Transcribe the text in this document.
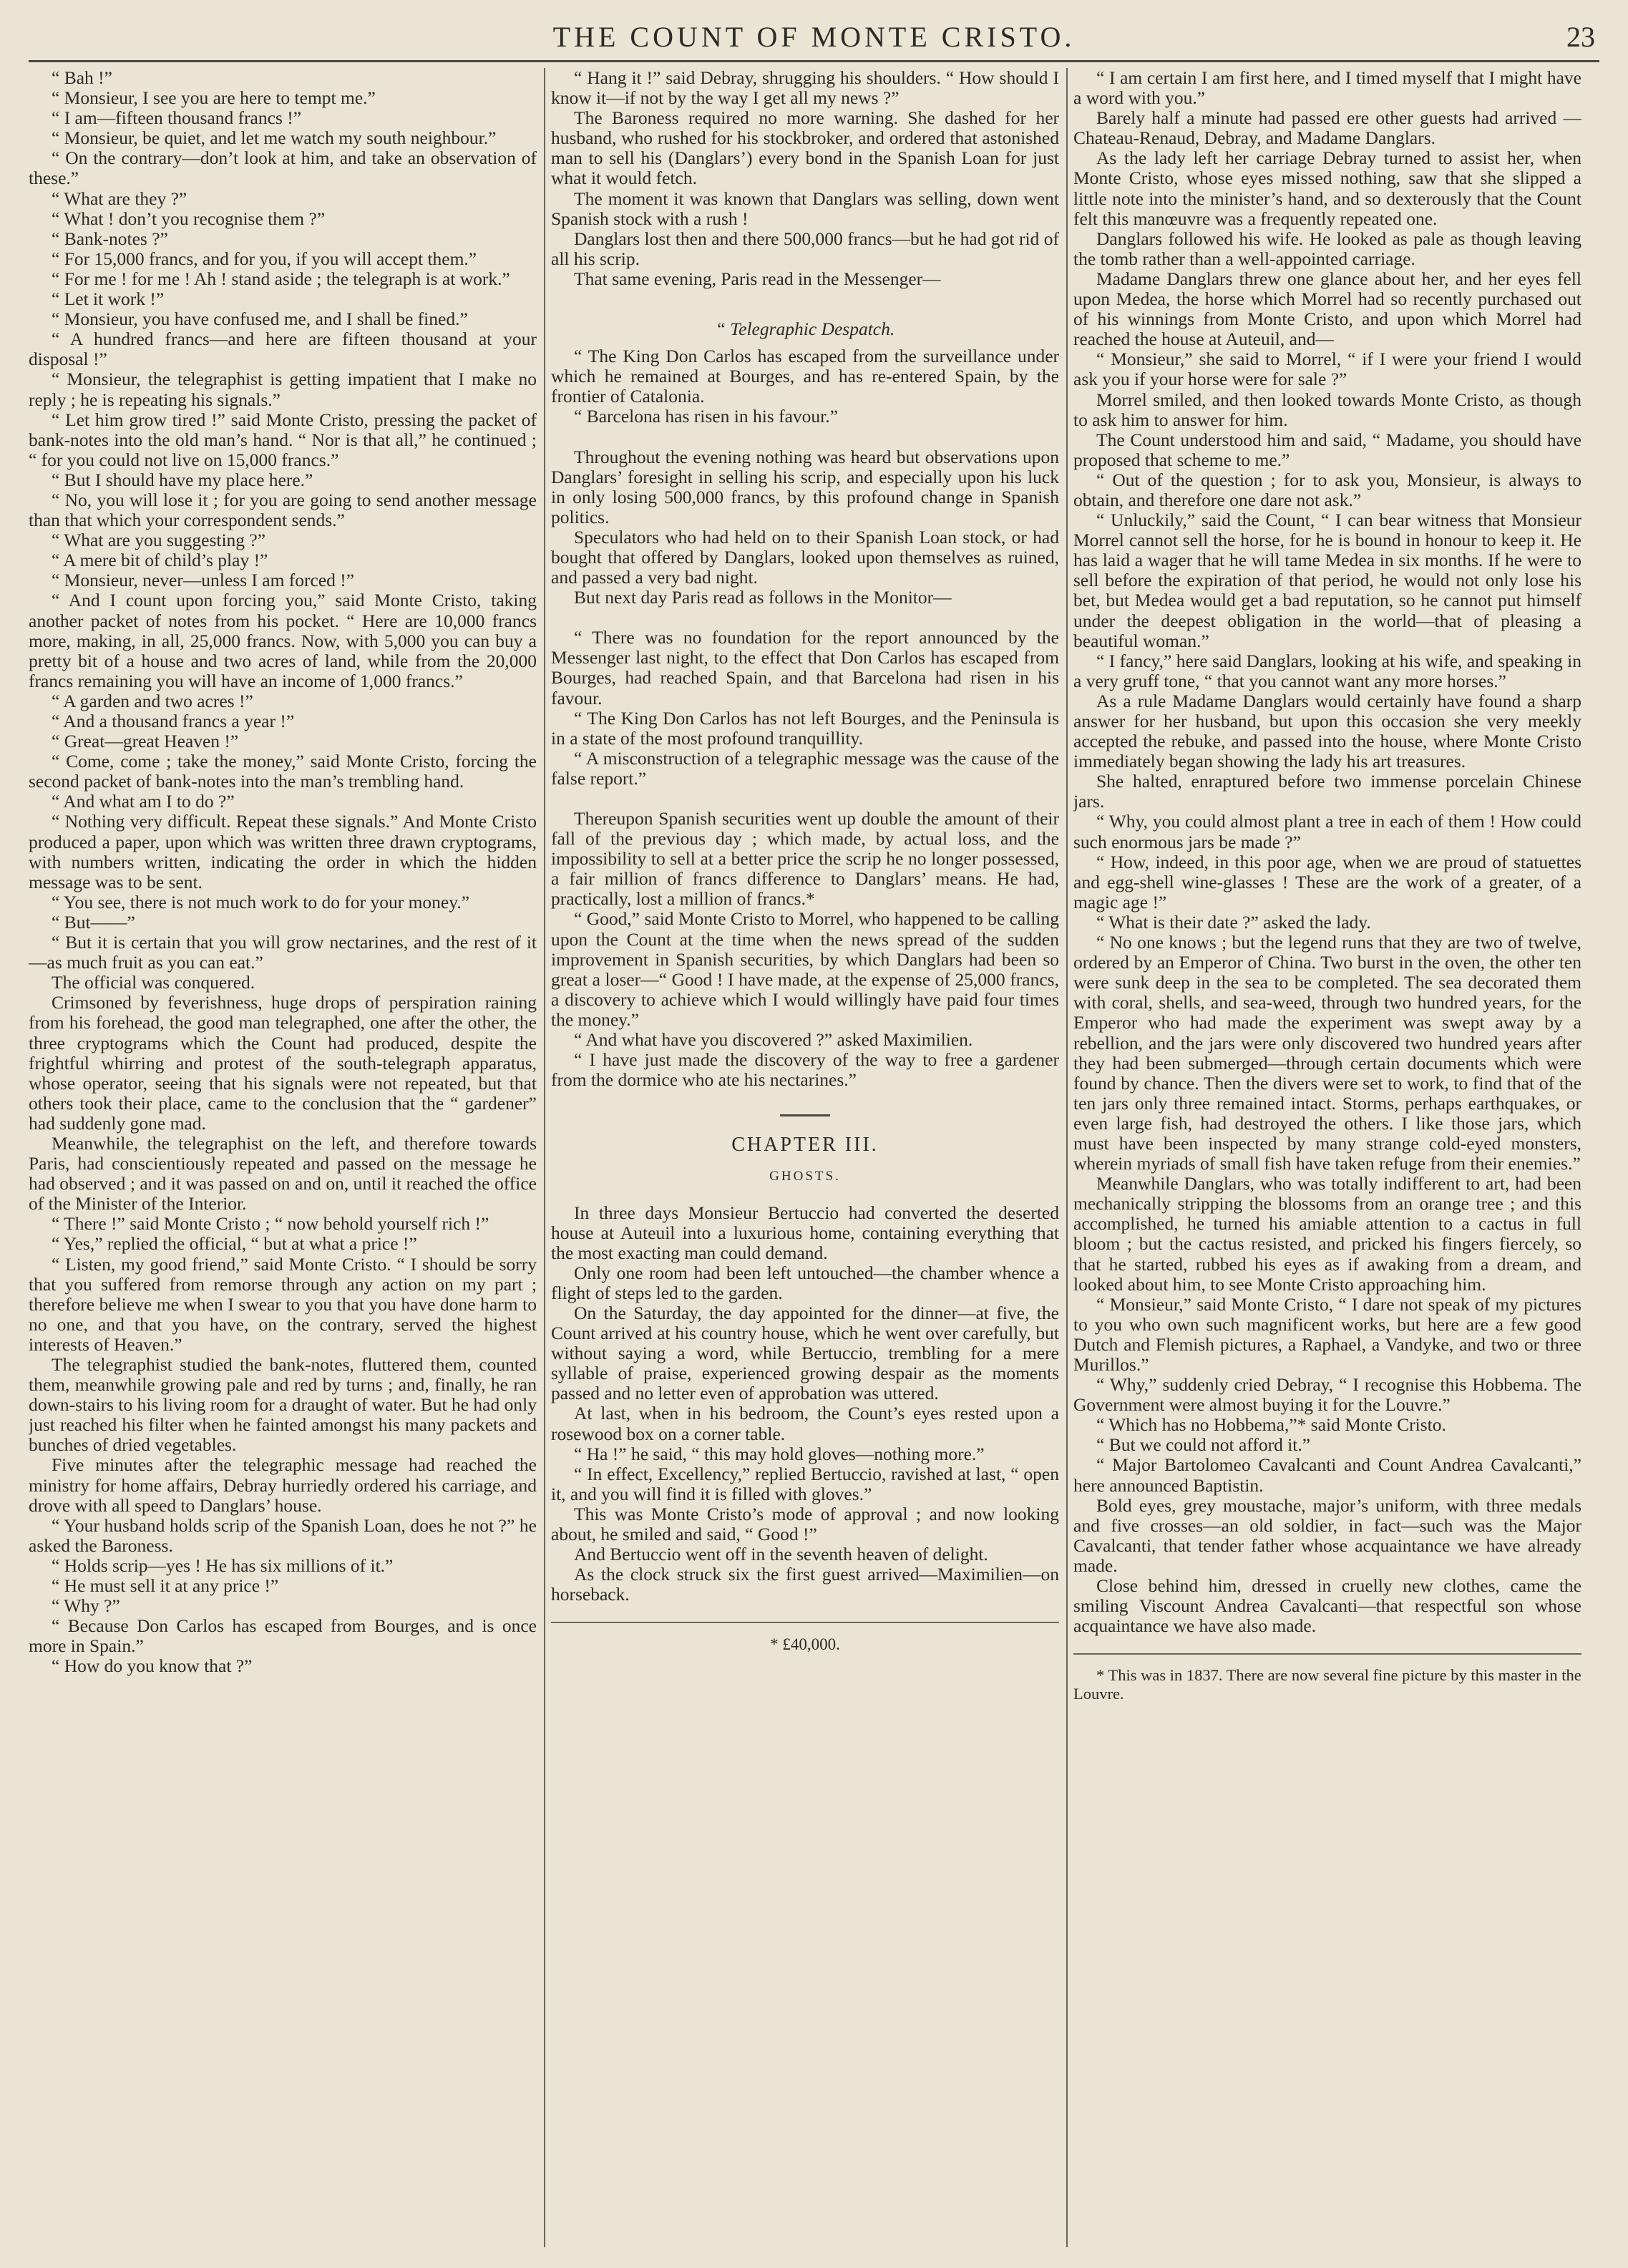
THE COUNT OF MONTE CRISTO.	23

“ Bah !”

“ Monsieur, I see you are here to tempt me.”

“ I am—fifteen thousand francs !”

“ Monsieur, be quiet, and let me watch my south neighbour.”

“ On the contrary—don’t look at him, and take an observation of these.”

“ What are they ?”

“ What ! don’t you recognise them ?”

“ Bank-notes ?”

“ For 15,000 francs, and for you, if you will accept them.”

“ For me ! for me ! Ah ! stand aside ; the telegraph is at work.”

“ Let it work !”

“ Monsieur, you have confused me, and I shall be fined.”

“ A hundred francs—and here are fifteen thousand at your disposal !”

“ Monsieur, the telegraphist is getting impatient that I make no reply ; he is repeating his signals.”

“ Let him grow tired !” said Monte Cristo, pressing the packet of bank-notes into the old man’s hand. “ Nor is that all,” he continued ; “ for you could not live on 15,000 francs.”

“ But I should have my place here.”

“ No, you will lose it ; for you are going to send another message than that which your correspondent sends.”

“ What are you suggesting ?”

“ A mere bit of child’s play !”

“ Monsieur, never—unless I am forced !”

“ And I count upon forcing you,” said Monte Cristo, taking another packet of notes from his pocket. “ Here are 10,000 francs more, making, in all, 25,000 francs. Now, with 5,000 you can buy a pretty bit of a house and two acres of land, while from the 20,000 francs remaining you will have an income of 1,000 francs.”

“ A garden and two acres !”

“ And a thousand francs a year !”

“ Great—great Heaven !”

“ Come, come ; take the money,” said Monte Cristo, forcing the second packet of bank-notes into the man’s trembling hand.

“ And what am I to do ?”

“ Nothing very difficult. Repeat these signals.” And Monte Cristo produced a paper, upon which was written three drawn cryptograms, with numbers written, indicating the order in which the hidden message was to be sent.

“ You see, there is not much work to do for your money.”

“ But——”

“ But it is certain that you will grow nectarines, and the rest of it—as much fruit as you can eat.”

The official was conquered.

Crimsoned by feverishness, huge drops of perspiration raining from his forehead, the good man telegraphed, one after the other, the three cryptograms which the Count had produced, despite the frightful whirring and protest of the south-telegraph apparatus, whose operator, seeing that his signals were not repeated, but that others took their place, came to the conclusion that the “ gardener” had suddenly gone mad.

Meanwhile, the telegraphist on the left, and therefore towards Paris, had conscientiously repeated and passed on the message he had observed ; and it was passed on and on, until it reached the office of the Minister of the Interior.

“ There !” said Monte Cristo ; “ now behold yourself rich !”

“ Yes,” replied the official, “ but at what a price !”

“ Listen, my good friend,” said Monte Cristo. “ I should be sorry that you suffered from remorse through any action on my part ; therefore believe me when I swear to you that you have done harm to no one, and that you have, on the contrary, served the highest interests of Heaven.”

The telegraphist studied the bank-notes, fluttered them, counted them, meanwhile growing pale and red by turns ; and, finally, he ran down-stairs to his living room for a draught of water. But he had only just reached his filter when he fainted amongst his many packets and bunches of dried vegetables.

Five minutes after the telegraphic message had reached the ministry for home affairs, Debray hurriedly ordered his carriage, and drove with all speed to Danglars’ house.

“ Your husband holds scrip of the Spanish Loan, does he not ?” he asked the Baroness.

“ Holds scrip—yes ! He has six millions of it.”

“ He must sell it at any price !”

“ Why ?”

“ Because Don Carlos has escaped from Bourges, and is once more in Spain.”

“ How do you know that ?”

“ Hang it !” said Debray, shrugging his shoulders. “ How should I know it—if not by the way I get all my news ?”

The Baroness required no more warning. She dashed for her husband, who rushed for his stockbroker, and ordered that astonished man to sell his (Danglars’) every bond in the Spanish Loan for just what it would fetch.

The moment it was known that Danglars was selling, down went Spanish stock with a rush !

Danglars lost then and there 500,000 francs—but he had got rid of all his scrip.

That same evening, Paris read in the Messenger—

“ Telegraphic Despatch.

“ The King Don Carlos has escaped from the surveillance under which he remained at Bourges, and has re-entered Spain, by the frontier of Catalonia.

“ Barcelona has risen in his favour.”

Throughout the evening nothing was heard but observations upon Danglars’ foresight in selling his scrip, and especially upon his luck in only losing 500,000 francs, by this profound change in Spanish politics.

Speculators who had held on to their Spanish Loan stock, or had bought that offered by Danglars, looked upon themselves as ruined, and passed a very bad night.

But next day Paris read as follows in the Monitor—

“ There was no foundation for the report announced by the Messenger last night, to the effect that Don Carlos has escaped from Bourges, had reached Spain, and that Barcelona had risen in his favour.

“ The King Don Carlos has not left Bourges, and the Peninsula is in a state of the most profound tranquillity.

“ A misconstruction of a telegraphic message was the cause of the false report.”

Thereupon Spanish securities went up double the amount of their fall of the previous day ; which made, by actual loss, and the impossibility to sell at a better price the scrip he no longer possessed, a fair million of francs difference to Danglars’ means. He had, practically, lost a million of francs.*

“ Good,” said Monte Cristo to Morrel, who happened to be calling upon the Count at the time when the news spread of the sudden improvement in Spanish securities, by which Danglars had been so great a loser—“ Good ! I have made, at the expense of 25,000 francs, a discovery to achieve which I would willingly have paid four times the money.”

“ And what have you discovered ?” asked Maximilien.

“ I have just made the discovery of the way to free a gardener from the dormice who ate his nectarines.”

CHAPTER III.
GHOSTS.

In three days Monsieur Bertuccio had converted the deserted house at Auteuil into a luxurious home, containing everything that the most exacting man could demand.

Only one room had been left untouched—the chamber whence a flight of steps led to the garden.

On the Saturday, the day appointed for the dinner—at five, the Count arrived at his country house, which he went over carefully, but without saying a word, while Bertuccio, trembling for a mere syllable of praise, experienced growing despair as the moments passed and no letter even of approbation was uttered.

At last, when in his bedroom, the Count’s eyes rested upon a rosewood box on a corner table.

“ Ha !” he said, “ this may hold gloves—nothing more.”

“ In effect, Excellency,” replied Bertuccio, ravished at last, “ open it, and you will find it is filled with gloves.”

This was Monte Cristo’s mode of approval ; and now looking about, he smiled and said, “ Good !”

And Bertuccio went off in the seventh heaven of delight.

As the clock struck six the first guest arrived—Maximilien—on horseback.

* £40,000.

“ I am certain I am first here, and I timed myself that I might have a word with you.”

Barely half a minute had passed ere other guests had arrived — Chateau-Renaud, Debray, and Madame Danglars.

As the lady left her carriage Debray turned to assist her, when Monte Cristo, whose eyes missed nothing, saw that she slipped a little note into the minister’s hand, and so dexterously that the Count felt this manœuvre was a frequently repeated one.

Danglars followed his wife. He looked as pale as though leaving the tomb rather than a well-appointed carriage.

Madame Danglars threw one glance about her, and her eyes fell upon Medea, the horse which Morrel had so recently purchased out of his winnings from Monte Cristo, and upon which Morrel had reached the house at Auteuil, and—

“ Monsieur,” she said to Morrel, “ if I were your friend I would ask you if your horse were for sale ?”

Morrel smiled, and then looked towards Monte Cristo, as though to ask him to answer for him.

The Count understood him and said, “ Madame, you should have proposed that scheme to me.”

“ Out of the question ; for to ask you, Monsieur, is always to obtain, and therefore one dare not ask.”

“ Unluckily,” said the Count, “ I can bear witness that Monsieur Morrel cannot sell the horse, for he is bound in honour to keep it. He has laid a wager that he will tame Medea in six months. If he were to sell before the expiration of that period, he would not only lose his bet, but Medea would get a bad reputation, so he cannot put himself under the deepest obligation in the world—that of pleasing a beautiful woman.”

“ I fancy,” here said Danglars, looking at his wife, and speaking in a very gruff tone, “ that you cannot want any more horses.”

As a rule Madame Danglars would certainly have found a sharp answer for her husband, but upon this occasion she very meekly accepted the rebuke, and passed into the house, where Monte Cristo immediately began showing the lady his art treasures.

She halted, enraptured before two immense porcelain Chinese jars.

“ Why, you could almost plant a tree in each of them ! How could such enormous jars be made ?”

“ How, indeed, in this poor age, when we are proud of statuettes and egg-shell wine-glasses ! These are the work of a greater, of a magic age !”

“ What is their date ?” asked the lady.

“ No one knows ; but the legend runs that they are two of twelve, ordered by an Emperor of China. Two burst in the oven, the other ten were sunk deep in the sea to be completed. The sea decorated them with coral, shells, and sea-weed, through two hundred years, for the Emperor who had made the experiment was swept away by a rebellion, and the jars were only discovered two hundred years after they had been submerged—through certain documents which were found by chance. Then the divers were set to work, to find that of the ten jars only three remained intact. Storms, perhaps earthquakes, or even large fish, had destroyed the others. I like those jars, which must have been inspected by many strange cold-eyed monsters, wherein myriads of small fish have taken refuge from their enemies.”

Meanwhile Danglars, who was totally indifferent to art, had been mechanically stripping the blossoms from an orange tree ; and this accomplished, he turned his amiable attention to a cactus in full bloom ; but the cactus resisted, and pricked his fingers fiercely, so that he started, rubbed his eyes as if awaking from a dream, and looked about him, to see Monte Cristo approaching him.

“ Monsieur,” said Monte Cristo, “ I dare not speak of my pictures to you who own such magnificent works, but here are a few good Dutch and Flemish pictures, a Raphael, a Vandyke, and two or three Murillos.”

“ Why,” suddenly cried Debray, “ I recognise this Hobbema. The Government were almost buying it for the Louvre.”

“ Which has no Hobbema,”* said Monte Cristo.

“ But we could not afford it.”

“ Major Bartolomeo Cavalcanti and Count Andrea Cavalcanti,” here announced Baptistin.

Bold eyes, grey moustache, major’s uniform, with three medals and five crosses—an old soldier, in fact—such was the Major Cavalcanti, that tender father whose acquaintance we have already made.

Close behind him, dressed in cruelly new clothes, came the smiling Viscount Andrea Cavalcanti—that respectful son whose acquaintance we have also made.

* This was in 1837. There are now several fine picture by this master in the Louvre.
